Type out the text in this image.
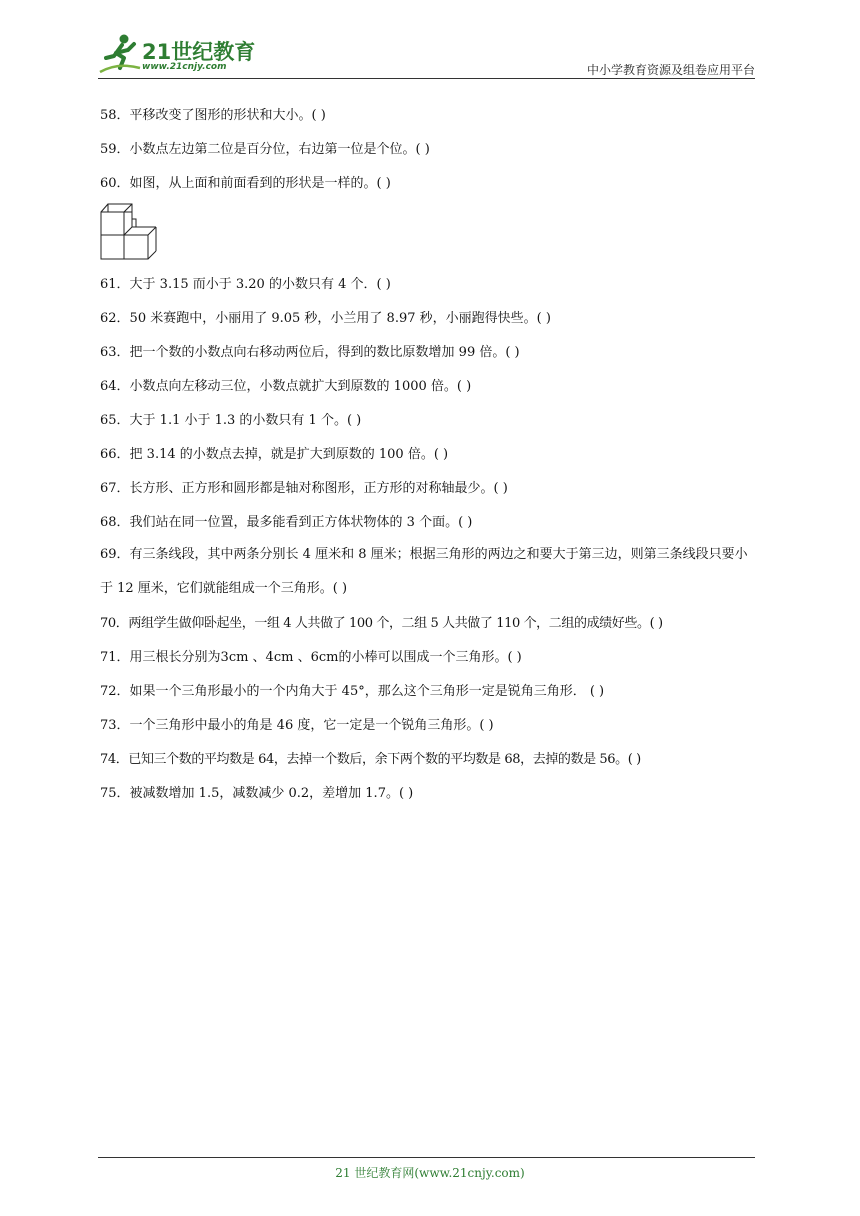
21世纪教育
www.21cnjy.com	中小学教育资源及组卷应用平台
58．平移改变了图形的形状和大小。( )
59．小数点左边第二位是百分位，右边第一位是个位。( )
60．如图，从上面和前面看到的形状是一样的。( )
61．大于 3.15 而小于 3.20 的小数只有 4 个．( )
62．50 米赛跑中，小丽用了 9.05 秒，小兰用了 8.97 秒，小丽跑得快些。( )
63．把一个数的小数点向右移动两位后，得到的数比原数增加 99 倍。( )
64．小数点向左移动三位，小数点就扩大到原数的 1000 倍。( )
65．大于 1.1 小于 1.3 的小数只有 1 个。( )
66．把 3.14 的小数点去掉，就是扩大到原数的 100 倍。( )
67．长方形、正方形和圆形都是轴对称图形，正方形的对称轴最少。( )
68．我们站在同一位置，最多能看到正方体状物体的 3 个面。( )
69．有三条线段，其中两条分别长 4 厘米和 8 厘米；根据三角形的两边之和要大于第三边，则第三条线段只要小于 12 厘米，它们就能组成一个三角形。( )
70．两组学生做仰卧起坐，一组 4 人共做了 100 个，二组 5 人共做了 110 个，二组的成绩好些。( )
71．用三根长分别为3cm 、4cm 、6cm的小棒可以围成一个三角形。( )
72．如果一个三角形最小的一个内角大于 45°，那么这个三角形一定是锐角三角形． ( )
73．一个三角形中最小的角是 46 度，它一定是一个锐角三角形。( )
74．已知三个数的平均数是 64，去掉一个数后，余下两个数的平均数是 68，去掉的数是 56。( )
75．被减数增加 1.5，减数减少 0.2，差增加 1.7。( )
21 世纪教育网(www.21cnjy.com)
